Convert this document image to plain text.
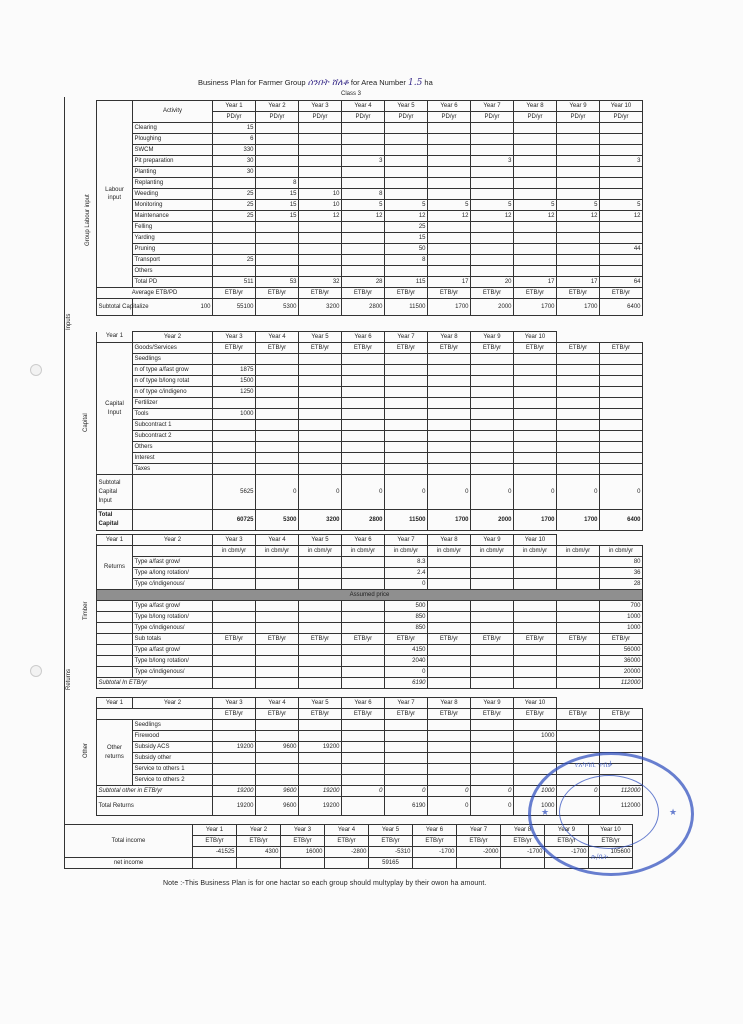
Business Plan for Farmer Group ሰንበት ሸለቆ for Area Number 1.5 ha
Class 3
Inputs
Capital
Group Labour input
Returns
Timber
Other
Labour input	Activity	Year 1	Year 2	Year 3	Year 4	Year 5	Year 6	Year 7	Year 8	Year 9	Year 10
		PD/yr	PD/yr	PD/yr	PD/yr	PD/yr	PD/yr	PD/yr	PD/yr	PD/yr	PD/yr
	Clearing	15									
	Ploughing	6									
	SWCM	330									
	Pit preparation	30			3			3			3
	Planting	30									
	Replanting		8								
	Weeding	25	15	10	8						
	Monitoring	25	15	10	5	5	5	5	5	5	5
	Maintenance	25	15	12	12	12	12	12	12	12	12
	Felling					25					
	Yarding					15					
	Pruning					50					44
	Transport	25				8					
	Others										
	Total PD	511	53	32	28	115	17	20	17	17	64
Average ETB/PD		ETB/yr	ETB/yr	ETB/yr	ETB/yr	ETB/yr	ETB/yr	ETB/yr	ETB/yr	ETB/yr	ETB/yr
Subtotal Capitalize	100	55100	5300	3200	2800	11500	1700	2000	1700	1700	6400
Year 1	Year 2	Year 3	Year 4	Year 5	Year 6	Year 7	Year 8	Year 9	Year 10		
Capital Input	Goods/Services	ETB/yr	ETB/yr	ETB/yr	ETB/yr	ETB/yr	ETB/yr	ETB/yr	ETB/yr	ETB/yr	ETB/yr
	Seedlings										
	n of type a/fast grow	1875									
	n of type b/long rotat	1500									
	n of type c/indigeno	1250									
	Fertilizer										
	Tools	1000									
	Subcontract 1										
	Subcontract 2										
	Others										
	Interest										
	Taxes										
Subtotal Capital Input		5625	0	0	0	0	0	0	0	0	0
Total Capital		60725	5300	3200	2800	11500	1700	2000	1700	1700	6400
Year 1	Year 2	Year 3	Year 4	Year 5	Year 6	Year 7	Year 8	Year 9	Year 10		
Returns		in cbm/yr	in cbm/yr	in cbm/yr	in cbm/yr	in cbm/yr	in cbm/yr	in cbm/yr	in cbm/yr	in cbm/yr	in cbm/yr
	Type a/fast grow/					8.3					80
	Type a/long rotation/					2.4					36
	Type c/indigenous/					0					28
Assumed price											
	Type a/fast grow/					500					700
	Type b/long rotation/					850					1000
	Type c/indigenous/					850					1000
	Sub totals	ETB/yr	ETB/yr	ETB/yr	ETB/yr	ETB/yr	ETB/yr	ETB/yr	ETB/yr	ETB/yr	ETB/yr
	Type a/fast grow/					4150					56000
	Type b/long rotation/					2040					36000
	Type c/indigenous/					0					20000
Subtotal In ETB/yr						6190					112000
Year 1	Year 2	Year 3	Year 4	Year 5	Year 6	Year 7	Year 8	Year 9	Year 10		
		ETB/yr	ETB/yr	ETB/yr	ETB/yr	ETB/yr	ETB/yr	ETB/yr	ETB/yr	ETB/yr	ETB/yr
Other returns	Seedlings										
	Firewood								1000		
	Subsidy ACS	19200	9600	19200							
	Subsidy other										
	Service to others 1										
	Service to others 2										
Subtotal other in ETB/yr		19200	9600	19200	0	0	0	0	1000	0	112000
Total Returns		19200	9600	19200		6190	0	0	1000		112000
Total income	Year 1	Year 2	Year 3	Year 4	Year 5	Year 6	Year 7	Year 8	Year 9	Year 10
	ETB/yr	ETB/yr	ETB/yr	ETB/yr	ETB/yr	ETB/yr	ETB/yr	ETB/yr	ETB/yr	ETB/yr
	-41525	4300	16000	-2800	-5310	-1700	-2000	-1700	-1700	105600
net income					59165					
Note :-This Business Plan is for one hactar so each group should multyplay by their owon ha amount.
የአካባቢ ጥበቃ
ጽ/ቤት
★	★
